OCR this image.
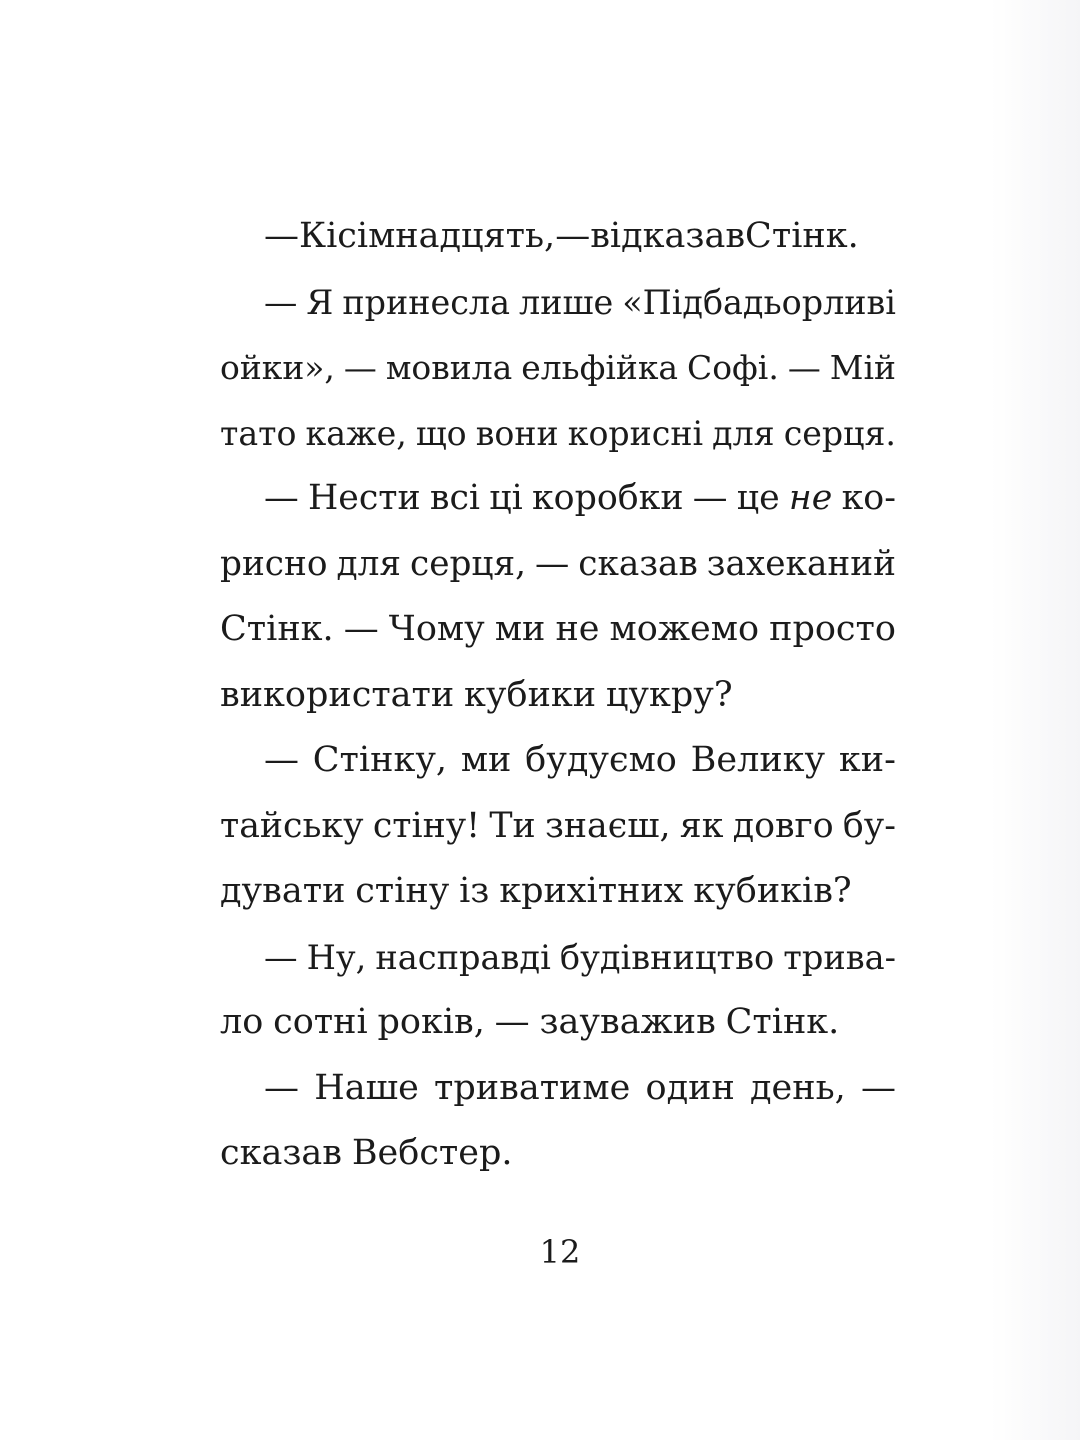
— Кісімнадцять, — відказав Стінк.
— Я принесла лише «Підбадьорливі
ойки», — мовила ельфійка Софі. — Мій
тато каже, що вони корисні для серця.
— Нести всі ці коробки — це не ко-
рисно для серця, — сказав захеканий
Стінк. — Чому ми не можемо просто
використати кубики цукру?
— Стінку, ми будуємо Велику ки-
тайську стіну! Ти знаєш, як довго бу-
дувати стіну із крихітних кубиків?
— Ну, насправді будівництво трива-
ло сотні років, — зауважив Стінк.
— Наше триватиме один день, —
сказав Вебстер.
12
